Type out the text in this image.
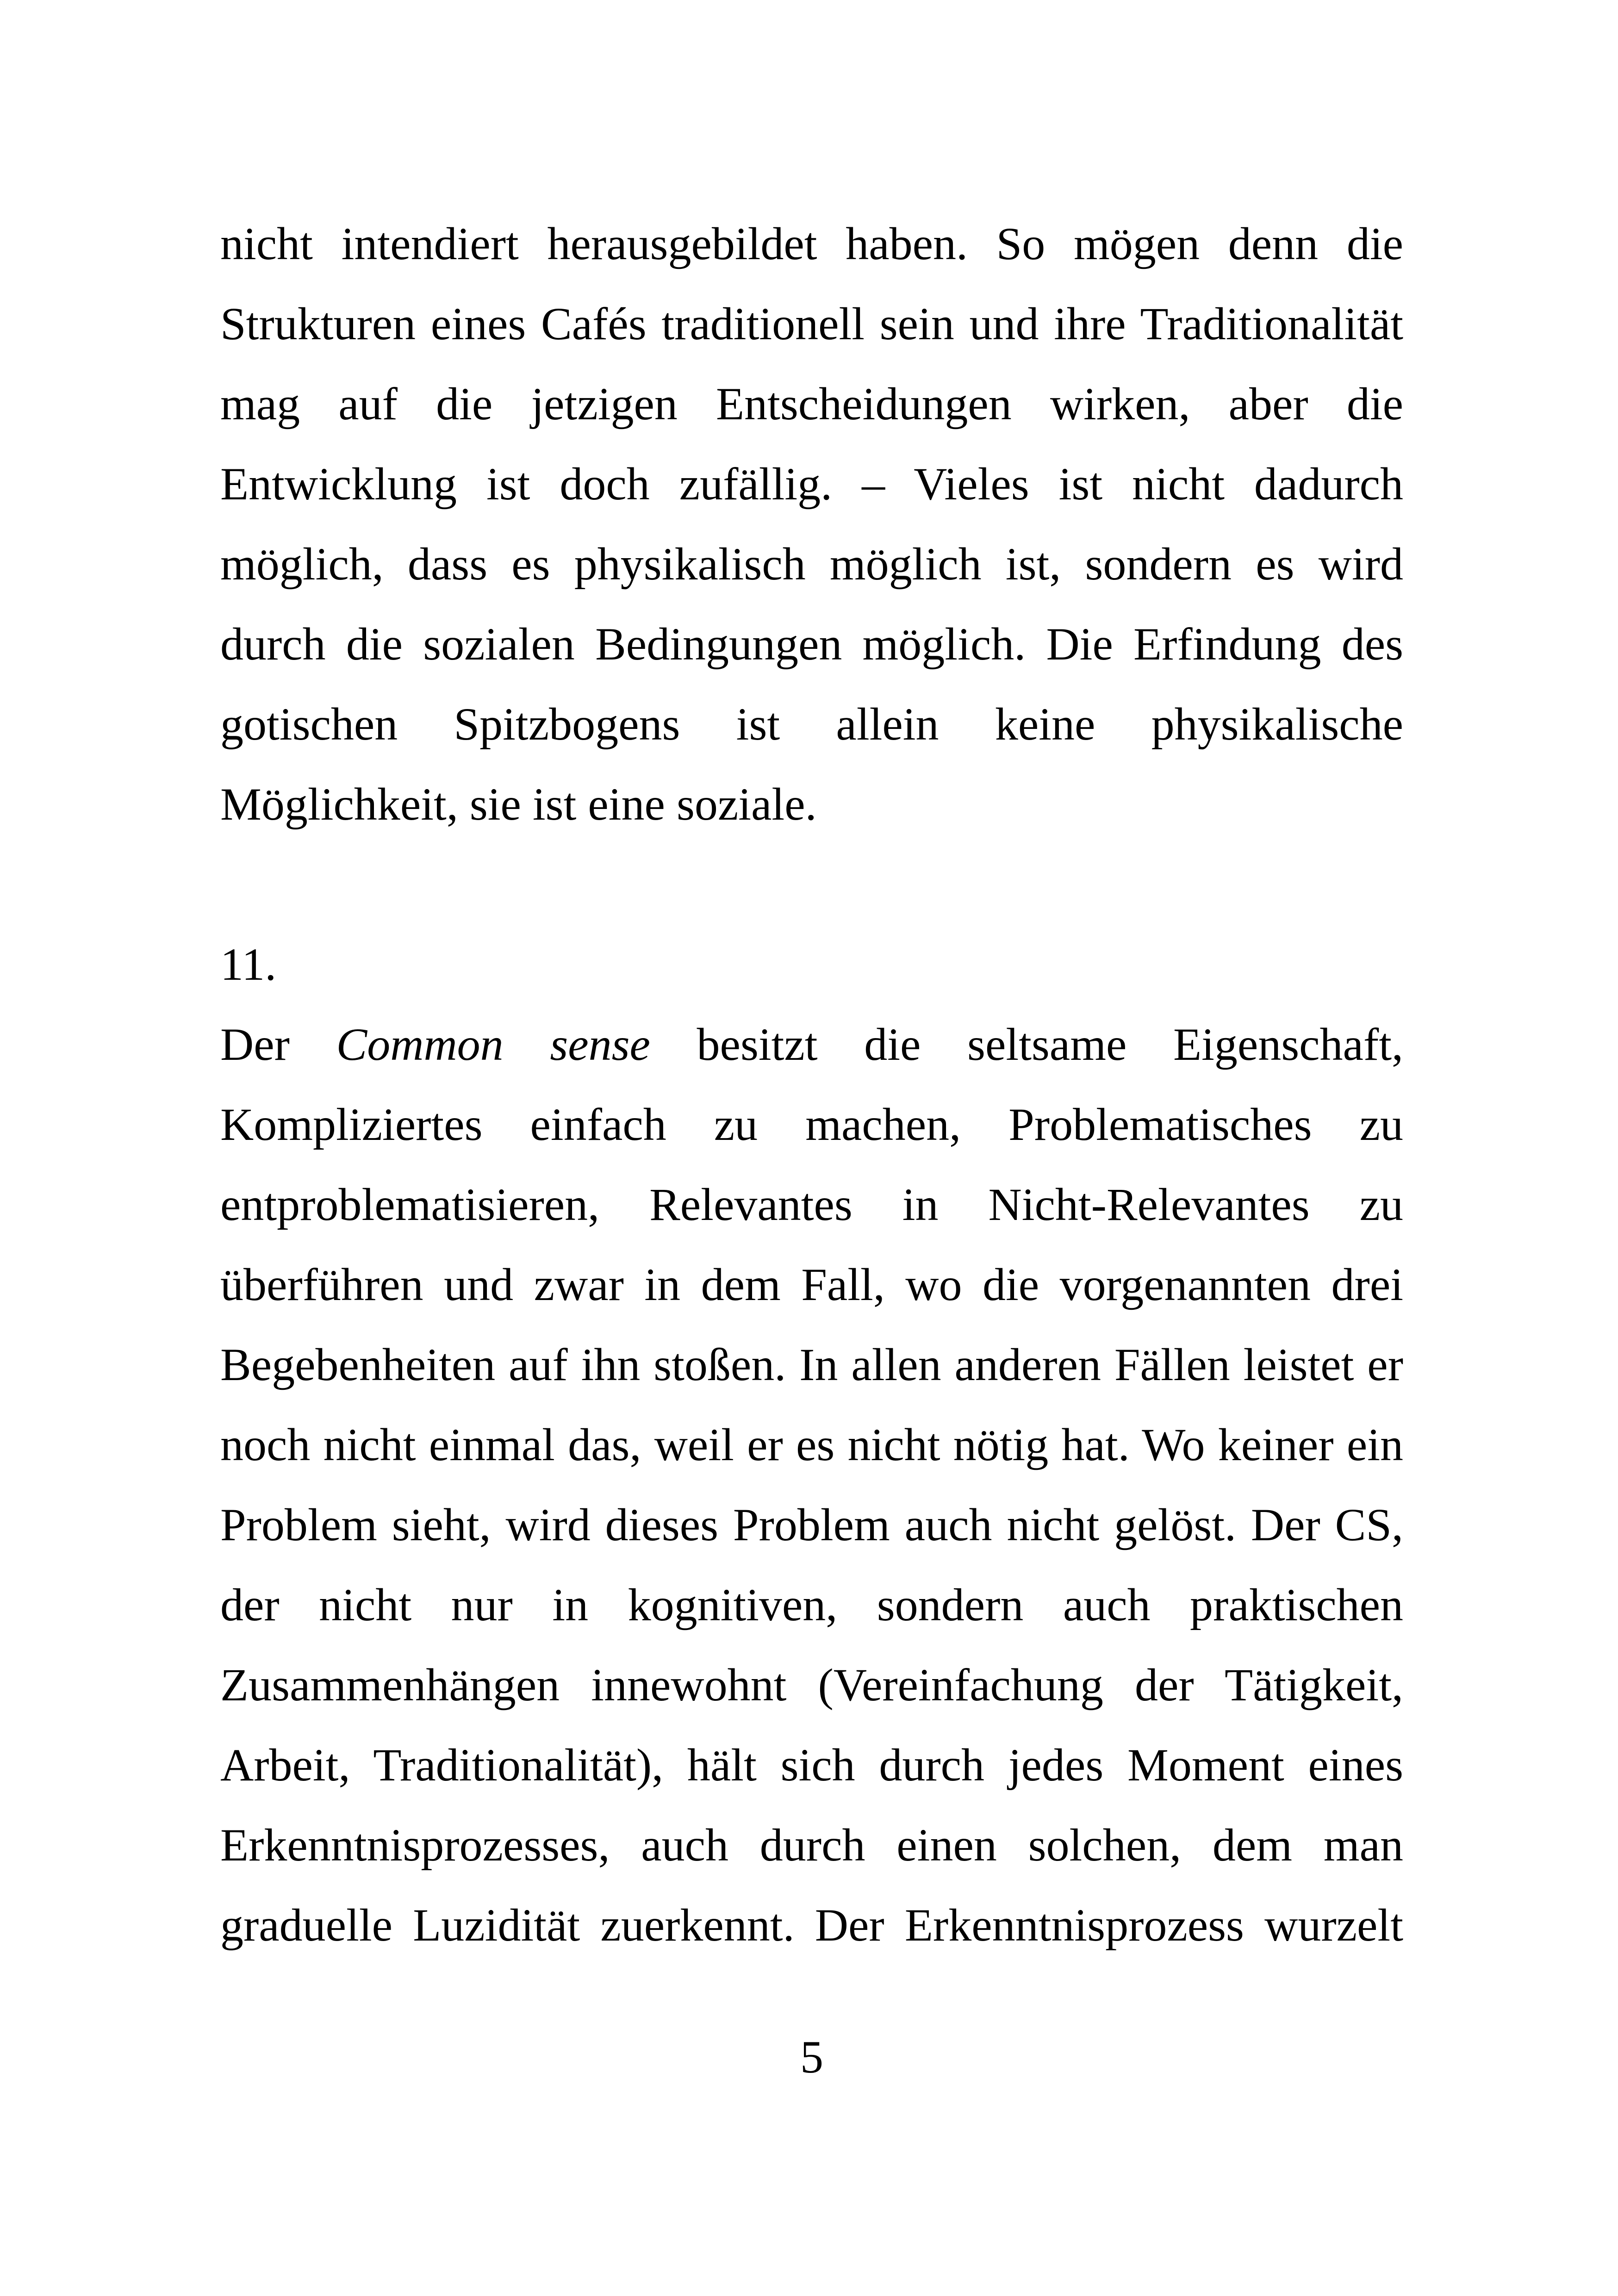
nicht intendiert herausgebildet haben. So mögen denn die
Strukturen eines Cafés traditionell sein und ihre Traditionalität
mag auf die jetzigen Entscheidungen wirken, aber die
Entwicklung ist doch zufällig. – Vieles ist nicht dadurch
möglich, dass es physikalisch möglich ist, sondern es wird
durch die sozialen Bedingungen möglich. Die Erfindung des
gotischen Spitzbogens ist allein keine physikalische
Möglichkeit, sie ist eine soziale.
11.
Der Common sense besitzt die seltsame Eigenschaft,
Kompliziertes einfach zu machen, Problematisches zu
entproblematisieren, Relevantes in Nicht-Relevantes zu
überführen und zwar in dem Fall, wo die vorgenannten drei
Begebenheiten auf ihn stoßen. In allen anderen Fällen leistet er
noch nicht einmal das, weil er es nicht nötig hat. Wo keiner ein
Problem sieht, wird dieses Problem auch nicht gelöst. Der CS,
der nicht nur in kognitiven, sondern auch praktischen
Zusammenhängen innewohnt (Vereinfachung der Tätigkeit,
Arbeit, Traditionalität), hält sich durch jedes Moment eines
Erkenntnisprozesses, auch durch einen solchen, dem man
graduelle Luzidität zuerkennt. Der Erkenntnisprozess wurzelt
5
